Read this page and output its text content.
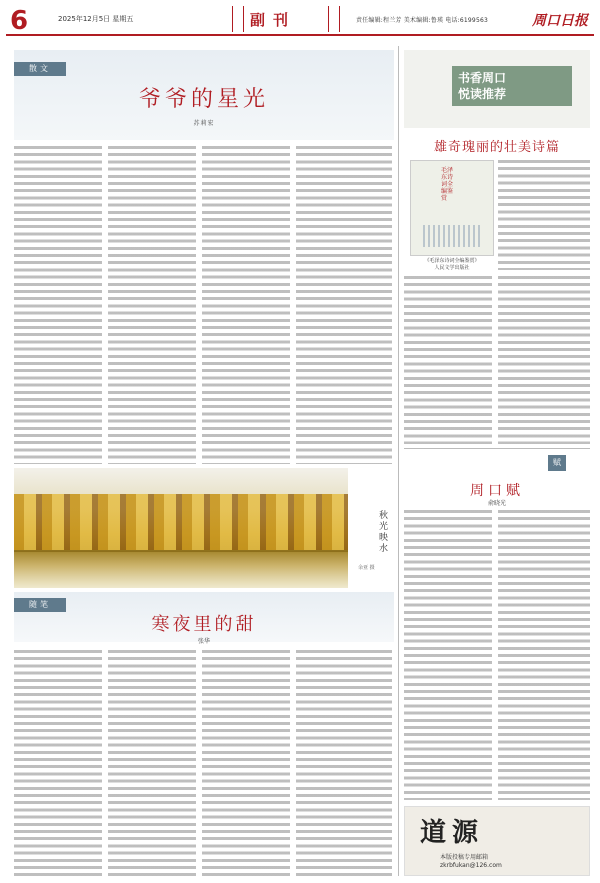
6	2025年12月5日 星期五	副刊	责任编辑:程兰芳 美术编辑:鲁瑛 电话:6199563	周口日报
散文
爷爷的星光
苏莉宏
秋光映水
余亚 摄
随笔
寒夜里的甜
张华
书香周口
悦读推荐
雄奇瑰丽的壮美诗篇
毛泽东诗词全编鉴赏
《毛泽东诗词全编鉴赏》
人民文学出版社
赋
周口赋
俞晓光
道源
本版投稿专用邮箱
zkrbfukan@126.com
